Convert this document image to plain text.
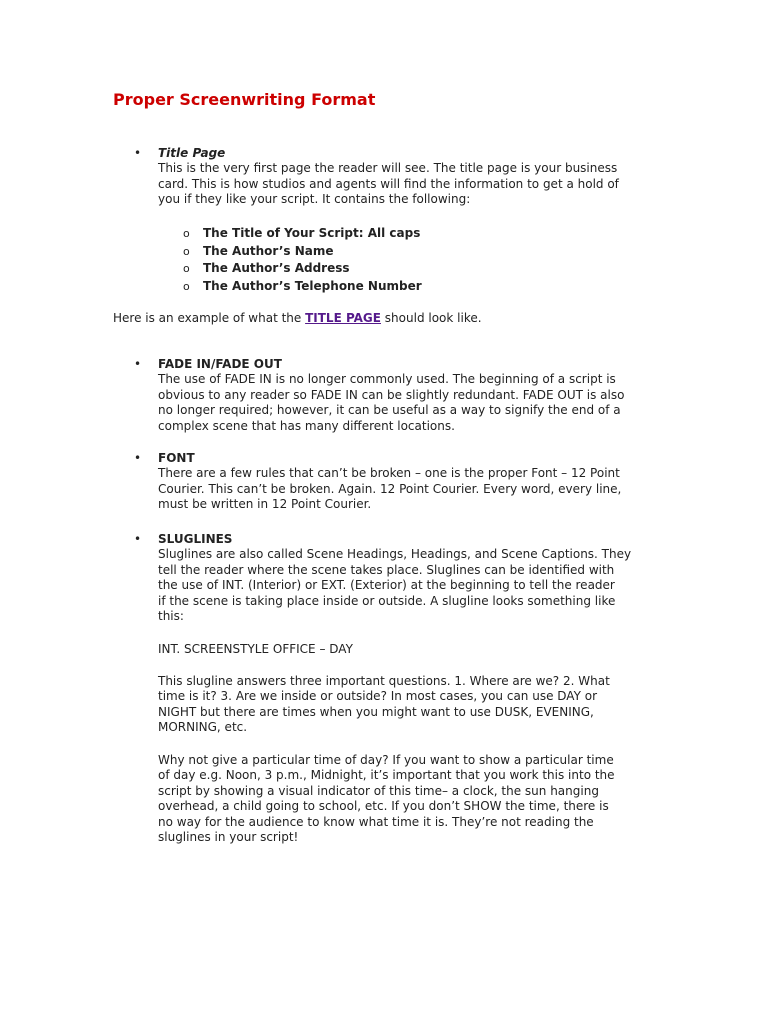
Proper Screenwriting Format
• Title Page
This is the very first page the reader will see. The title page is your business
card. This is how studios and agents will find the information to get a hold of
you if they like your script. It contains the following:
o The Title of Your Script: All caps
o The Author’s Name
o The Author’s Address
o The Author’s Telephone Number
Here is an example of what the TITLE PAGE should look like.
• FADE IN/FADE OUT
The use of FADE IN is no longer commonly used. The beginning of a script is
obvious to any reader so FADE IN can be slightly redundant. FADE OUT is also
no longer required; however, it can be useful as a way to signify the end of a
complex scene that has many different locations.
• FONT
There are a few rules that can’t be broken – one is the proper Font – 12 Point
Courier. This can’t be broken. Again. 12 Point Courier. Every word, every line,
must be written in 12 Point Courier.
• SLUGLINES
Sluglines are also called Scene Headings, Headings, and Scene Captions. They
tell the reader where the scene takes place. Sluglines can be identified with
the use of INT. (Interior) or EXT. (Exterior) at the beginning to tell the reader
if the scene is taking place inside or outside. A slugline looks something like
this:
INT. SCREENSTYLE OFFICE – DAY
This slugline answers three important questions. 1. Where are we? 2. What
time is it? 3. Are we inside or outside? In most cases, you can use DAY or
NIGHT but there are times when you might want to use DUSK, EVENING,
MORNING, etc.
Why not give a particular time of day? If you want to show a particular time
of day e.g. Noon, 3 p.m., Midnight, it’s important that you work this into the
script by showing a visual indicator of this time– a clock, the sun hanging
overhead, a child going to school, etc. If you don’t SHOW the time, there is
no way for the audience to know what time it is. They’re not reading the
sluglines in your script!
